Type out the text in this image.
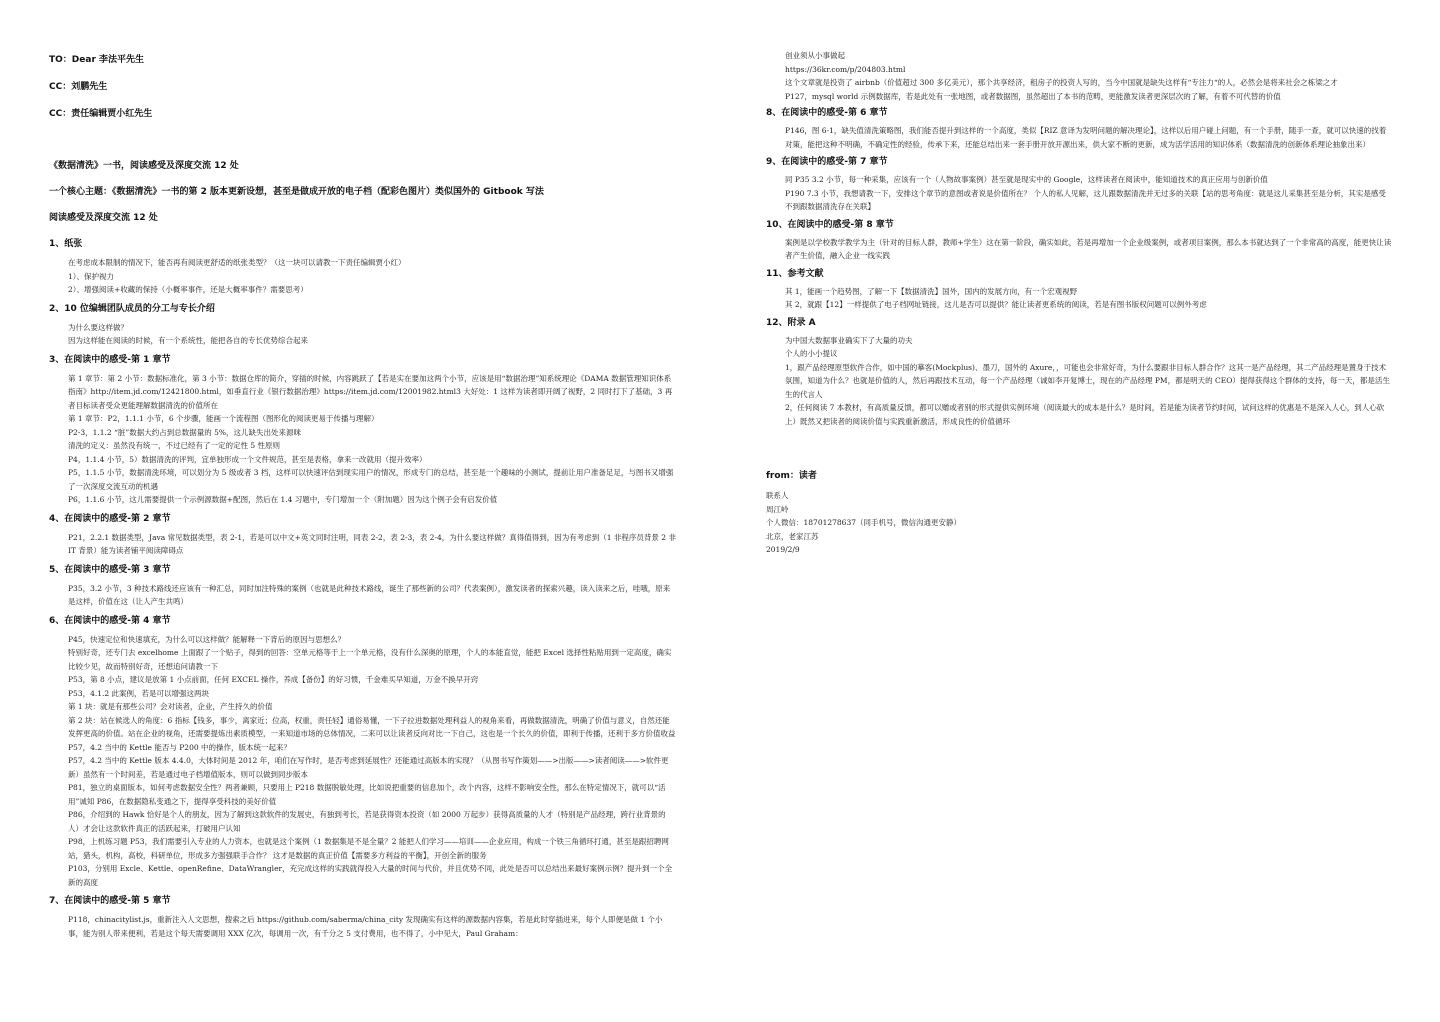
TO：Dear 李法平先生
CC：刘鹏先生
CC：责任编辑贾小红先生
《数据清洗》一书，阅读感受及深度交流 12 处
一个核心主题：《数据清洗》一书的第 2 版本更新设想，甚至是做成开放的电子档（配彩色图片）类似国外的 Gitbook 写法
阅读感受及深度交流 12 处
1、纸张

在考虑成本限制的情况下，能否再有阅读更舒适的纸张类型？（这一块可以请教一下责任编辑贾小红）

1）、保护视力

2）、增强阅读+收藏的保持（小概率事件，还是大概率事件？需要思考）

2、10 位编辑团队成员的分工与专长介绍

为什么要这样做？

因为这样能在阅读的时候，有一个系统性，能把各自的专长优势综合起来

3、在阅读中的感受-第 1 章节

第 1 章节：第 2 小节：数据标准化，第 3 小节：数据仓库的简介，穿插的时候，内容跳跃了【若是实在要加这两个小节，应该是用“数据治理”知系统理论《DAMA 数据管理知识体系指南》http://item.jd.com/12421800.html，如垂直行业《银行数据治理》https://item.jd.com/12001982.html3 大好处：1 这样为读者即开阔了视野，2 同时打下了基础，3 再者目标读者受众更能理解数据清洗的价值所在

第 1 章节：P2，1.1.1 小节，6 个步骤，能画一个流程图（图形化的阅读更易于传播与理解）

P2-3，1.1.2 “脏”数据大约占到总数据量的 5%，这儿缺失出处来源咪

清洗的定义：虽然没有统一，不过已经有了一定的定性 5 性原则

P4，1.1.4 小节，5）数据清洗的评判，宜单独形成一个文件规范，甚至是表格，拿来一改就用（提升效率）

P5，1.1.5 小节，数据清洗环境，可以划分为 5 级或者 3 档，这样可以快速评估到现实用户的情况，形成专门的总结，甚至是一个趣味的小测试，提前让用户准备足足，与图书又增强了一次深度交流互动的机遇

P6，1.1.6 小节，这儿需要提供一个示例源数据+配图，然后在 1.4 习题中，专门增加一个（附加题）因为这个例子会有启发价值

4、在阅读中的感受-第 2 章节

P21，2.2.1 数据类型，Java 常见数据类型，表 2-1，若是可以中文+英文同时注明，同表 2-2，表 2-3，表 2-4，为什么要这样做？真得值得到，因为有考虑到（1 非程序员背景 2 非 IT 背景）能为读者铺平阅读障碍点

5、在阅读中的感受-第 3 章节

P35，3.2 小节，3 种技术路线还应该有一种汇总，同时加注特殊的案例（也就是此种技术路线，诞生了那些新的公司？代表案例），激发读者的探索兴趣，读入读来之后，哇哦，原来是这样，价值在这（让人产生共鸣）

6、在阅读中的感受-第 4 章节

P45，快速定位和快速填充，为什么可以这样做？能解释一下背后的原因与思想么？

特别好奇，还专门去 excelhome 上面跟了一个贴子，得到的回答：空单元格等于上一个单元格，没有什么深奥的原理，个人的本能直觉，能把 Excel 选择性粘贴用到一定高度，确实比较少见，故而特别好奇，还想追问请教一下

P53，第 8 小点，建议是放第 1 小点前面，任何 EXCEL 操作，养成【备份】的好习惯，千金难买早知道，万金不换早开窍

P53，4.1.2 此案例，若是可以增强这两块

第 1 块：就是有那些公司？会对读者，企业，产生持久的价值

第 2 块：站在候选人的角度：6 指标【钱多，事少，离家近；位高，权重，责任轻】通俗易懂，一下子拉进数据处理利益人的视角来看，再做数据清洗，明确了价值与意义，自然还能发挥更高的价值。站在企业的视角，还需要提炼出素质模型，一来知道市场的总体情况，二来可以让读者反向对比一下自己，这也是一个长久的价值，即利于传播，还利于多方价值收益

P57，4.2 当中的 Kettle 能否与 P200 中的操作，版本统一起来？

P57，4.2 当中的 Kettle 版本 4.4.0，大体时间是 2012 年，咱们在写作时，是否考虑到延展性？还能通过高版本的实现？（从图书写作策划——>出版——>读者阅读——>软件更新）虽然有一个时间差，若是通过电子档增值版本，则可以做到同步版本

P81，独立的桌面版本，如何考虑数据安全性？两者兼顾，只要用上 P218 数据脱敏处理，比如说把重要的信息加个，改个内容，这样不影响安全性，那么在特定情况下，就可以“活用”诚知 P86，在数据隐私变通之下，提得享受科技的美好价值

P86，介绍到的 Hawk 恰好是个人的朋友，因为了解到这款软件的发展史，有独到考长，若是获得资本投资（如 2000 万起步）获得高质量的人才（特别是产品经理，跨行业背景的人）才会让这款软件真正的活跃起来，打破用户认知

P98，上机练习题 P53，我们需要引入专业的人力资本，也就是这个案例（1 数据集是不是全量？2 能把人们学习——培训——企业应用，构成一个铁三角循环打通，甚至是跟招聘网站，猎头，机构，高校，科研单位，形成多方强强联手合作？ 这才是数据的真正价值【需要多方利益的平衡】，开创全新的服务

P103，分别用 Excle、Kettle、openRefine、DataWrangler，充完成这样的实践就得投入大量的时间与代价，并且优势不同，此处是否可以总结出来最好案例示例？提升到一个全新的高度

7、在阅读中的感受-第 5 章节

P118，chinacitylist.js，重新注入人文思想，搜索之后 https://github.com/saberma/china_city 发现确实有这样的源数据内容集，若是此时穿插进来，每个人即便是做 1 个小事，能为别人带来便利，若是这个每天需要调用 XXX 亿次，每调用一次，有千分之 5 支付费用，也不得了，小中见大，Paul Graham：

创业须从小事做起

https://36kr.com/p/204803.html

这个文章就是投资了 airbnb（价值超过 300 多亿美元），那个共享经济，租房子的投资人写的，当今中国就是缺失这样有“专注力“的人，必然会是将来社会之栋梁之才

P127，mysql world 示例数据库，若是此处有一张地图，或者数据图，虽然超出了本书的范畴，更能激发读者更深层次的了解，有着不可代替的价值

8、在阅读中的感受-第 6 章节

P146，图 6-1，缺失值清洗策略图，我们能否提升到这样的一个高度，类似【RIZ 意译为发明问题的解决理论】，这样以后用户碰上问题，有一个手册，随手一查，就可以快速的找着对策，能把这种不明确，不确定性的经验，传承下来，还能总结出来一套手册开放开源出来，供大家不断的更新，成为活学活用的知识体系（数据清洗的创新体系理论抽象出来）

9、在阅读中的感受-第 7 章节

同 P35 3.2 小节，每一种采集，应该有一个（人物故事案例）甚至就是现实中的 Google，这样读者在阅读中，能知道技术的真正应用与创新价值

P190 7.3 小节，我想请教一下，安排这个章节的意图或者说是价值所在？ 个人的私人见解，这儿跟数据清洗并无过多的关联【站的思考角度：就是这儿采集甚至是分析，其实是感受不到跟数据清洗存在关联】

10、在阅读中的感受-第 8 章节

案例是以学校教学教学为主（针对的目标人群，教师+学生）这在第一阶段，确实如此，若是再增加一个企业级案例，或者项目案例，那么本书就达到了一个非常高的高度，能更快让读者产生价值，融入企业一线实践

11、参考文献

其 1，能画一个趋势图，了解一下【数据清洗】国外，国内的发展方向，有一个宏观视野

其 2，就跟【12】一样提供了电子档网址链接，这儿是否可以提供？能让读者更系统的阅读，若是有图书版权问题可以例外考虑

12、附录 A

为中国大数据事业确实下了大量的功夫

个人的小小提议

1，跟产品经理原型软件合作，如中国的摹客(Mockplus)、墨刀，国外的 Axure，，可能也会非常好奇，为什么要跟非目标人群合作？这其一是产品经理，其二产品经理是置身于技术氛围，知道为什么？也就是价值的人，然后再跟技术互动，每一个产品经理（诚如李开复博士，现在的产品经理 PM，都是明天的 CEO）提得获得这个群体的支持，每一天，都是活生生的代言人

2，任何阅读 7 本教材，有高质量反馈，都可以赠或者别的形式提供实例环境（阅读最大的成本是什么？是时间，若是能为读者节约时间，试问这样的优惠是不是深入人心，到人心砍上）既然又把读者的阅读价值与实践重新激活，形成良性的价值循环

from：读者

联系人

周江岭

个人微信：18701278637（同手机号，微信沟通更安静）

北京，老家江苏

2019/2/9
